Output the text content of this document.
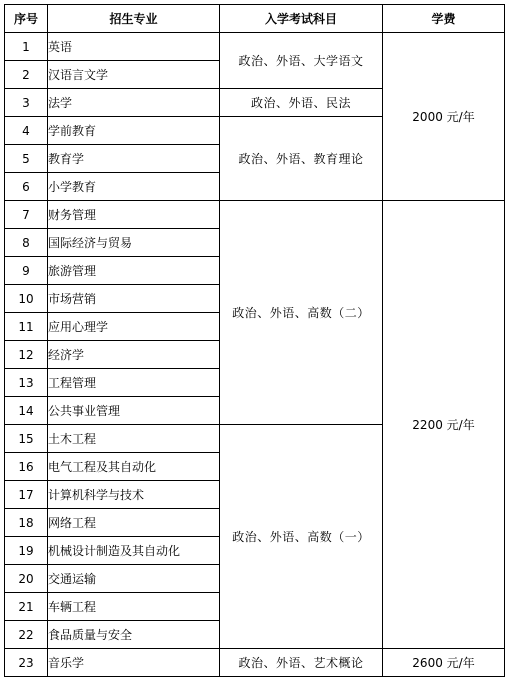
序号	招生专业	入学考试科目	学费
1	英语	政治、外语、大学语文	2000 元/年
2	汉语言文学		
3	法学	政治、外语、民法	
4	学前教育	政治、外语、教育理论	
5	教育学		
6	小学教育		
7	财务管理	政治、外语、高数（二）	2200 元/年
8	国际经济与贸易		
9	旅游管理		
10	市场营销		
11	应用心理学		
12	经济学		
13	工程管理		
14	公共事业管理		
15	土木工程	政治、外语、高数（一）	
16	电气工程及其自动化		
17	计算机科学与技术		
18	网络工程		
19	机械设计制造及其自动化		
20	交通运输		
21	车辆工程		
22	食品质量与安全		
23	音乐学	政治、外语、艺术概论	2600 元/年
